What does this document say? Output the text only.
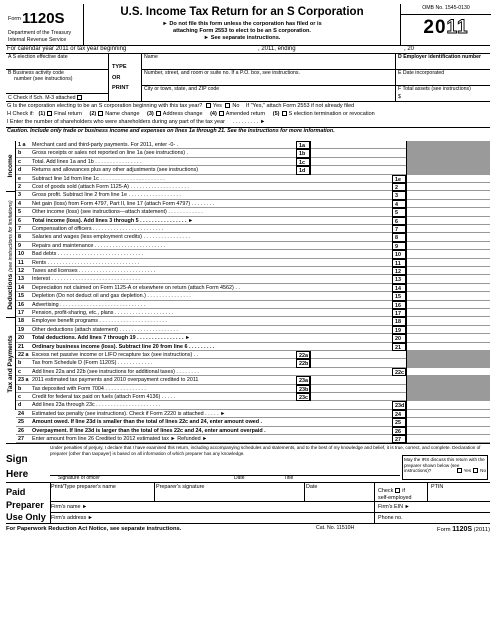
Form 1120S
Department of the Treasury
Internal Revenue Service
U.S. Income Tax Return for an S Corporation
► Do not file this form unless the corporation has filed or is
attaching Form 2553 to elect to be an S corporation.
► See separate instructions.
OMB No. 1545-0130
2011
For calendar year 2011 or tax year beginning	, 2011, ending	, 20
A S election effective date
B Business activity code
number (see instructions)
C Check if Sch. M-3 attached
TYPE
OR
PRINT
Name
Number, street, and room or suite no. If a P.O. box, see instructions.
City or town, state, and ZIP code
D Employer identification number
E Date incorporated
F Total assets (see instructions)
$
G Is the corporation electing to be an S corporation beginning with this tax year? Yes No If "Yes," attach Form 2553 if not already filed
H Check if: (1) Final return (2) Name change (3) Address change (4) Amended return (5) S election termination or revocation
I Enter the number of shareholders who were shareholders during any part of the tax year . . . . . . . . . ►
Caution. Include only trade or business income and expenses on lines 1a through 21. See the instructions for more information.
Income
Deductions (see instructions for limitations)
Tax and Payments
1 a	Merchant card and third-party payments. For 2011, enter -0- .	1a
b	Gross receipts or sales not reported on line 1a (see instructions) .	1b
c	Total. Add lines 1a and 1b . . . . . . . . . . . . . . . .	1c
d	Returns and allowances plus any other adjustments (see instructions)	1d
e	Subtract line 1d from line 1c . . . . . . . . . . . . . . . . . . . . . .	1e
2	Cost of goods sold (attach Form 1125-A) . . . . . . . . . . . . . . . . . . . .	2
3	Gross profit. Subtract line 2 from line 1e . . . . . . . . . . . . . . . . . .	3
4	Net gain (loss) from Form 4797, Part II, line 17 (attach Form 4797) . . . . . . . .	4
5	Other income (loss) (see instructions—attach statement) . . . . . . . . . . . .	5
6	Total income (loss). Add lines 3 through 5 . . . . . . . . . . . . . . . . ►	6
7	Compensation of officers . . . . . . . . . . . . . . . . . . . . . . . .	7
8	Salaries and wages (less employment credits) . . . . . . . . . . . . . . . .	8
9	Repairs and maintenance . . . . . . . . . . . . . . . . . . . . . . . .	9
10	Bad debts . . . . . . . . . . . . . . . . . . . . . . . . . . . . .	10
11	Rents . . . . . . . . . . . . . . . . . . . . . . . . . . . . . . .	11
12	Taxes and licenses . . . . . . . . . . . . . . . . . . . . . . . . . .	12
13	Interest . . . . . . . . . . . . . . . . . . . . . . . . . . . . . .	13
14	Depreciation not claimed on Form 1125-A or elsewhere on return (attach Form 4562) . .	14
15	Depletion (Do not deduct oil and gas depletion.) . . . . . . . . . . . . . . .	15
16	Advertising . . . . . . . . . . . . . . . . . . . . . . . . . . . . .	16
17	Pension, profit-sharing, etc., plans . . . . . . . . . . . . . . . . . . . .	17
18	Employee benefit programs . . . . . . . . . . . . . . . . . . . . . . .	18
19	Other deductions (attach statement) . . . . . . . . . . . . . . . . . . . .	19
20	Total deductions. Add lines 7 through 19 . . . . . . . . . . . . . . . . ►	20
21	Ordinary business income (loss). Subtract line 20 from line 6 . . . . . . . . .	21
22 a Excess net passive income or LIFO recapture tax (see instructions) . .	22a
b	Tax from Schedule D (Form 1120S) . . . . . . . . . . . .	22b
c	Add lines 22a and 22b (see instructions for additional taxes) . . . . . . . .	22c
23 a 2011 estimated tax payments and 2010 overpayment credited to 2011	23a
b	Tax deposited with Form 7004 . . . . . . . . . . . . . .	23b
c	Credit for federal tax paid on fuels (attach Form 4136) . . . . .	23c
d	Add lines 23a through 23c . . . . . . . . . . . . . . . . . . . . . .	23d
24	Estimated tax penalty (see instructions). Check if Form 2220 is attached . . . . . ►	24
25	Amount owed. If line 23d is smaller than the total of lines 22c and 24, enter amount owed .	25
26	Overpayment. If line 23d is larger than the total of lines 22c and 24, enter amount overpaid .	26
27	Enter amount from line 26 Credited to 2012 estimated tax ► Refunded ►	27
Sign
Here
Under penalties of perjury, I declare that I have examined this return, including accompanying schedules and statements, and to the best of my knowledge and belief, it is true, correct, and complete. Declaration of preparer (other than taxpayer) is based on all information of which preparer has any knowledge.
Signature of officer	Date	Title
May the IRS discuss this return with the preparer shown below (see instructions)?	Yes No
Paid
Preparer
Use Only
Print/Type preparer's name	Preparer's signature	Date
Check if
self-employed
PTIN
Firm's name ►	Firm's EIN ►
Firm's address ►	Phone no.
For Paperwork Reduction Act Notice, see separate instructions.	Cat. No. 11510H	Form 1120S (2011)
